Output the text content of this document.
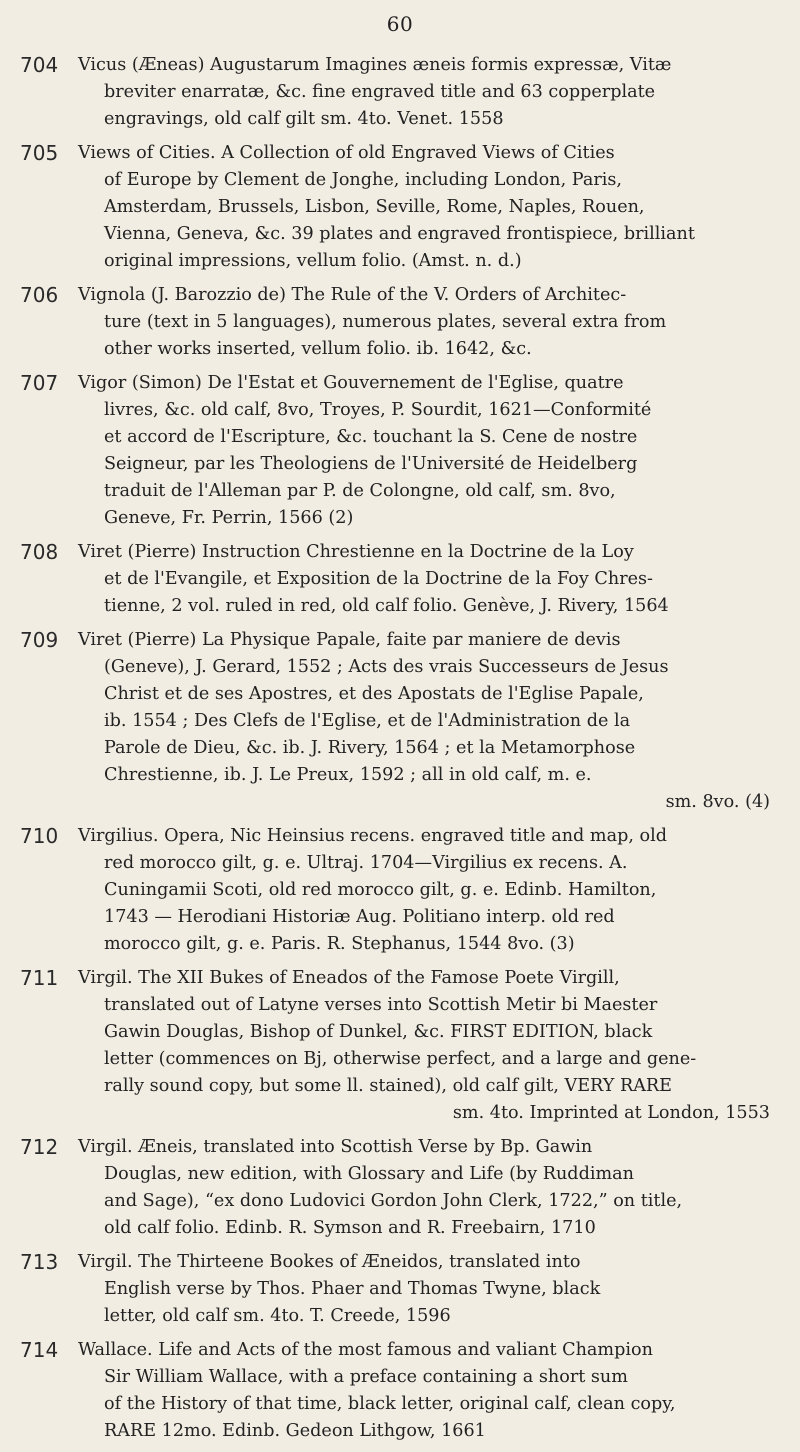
60
704	Vicus (Æneas) Augustarum Imagines æneis formis expressæ, Vitæ
breviter enarratæ, &c. fine engraved title and 63 copperplate
engravings, old calf gilt sm. 4to. Venet. 1558
705	Views of Cities. A Collection of old Engraved Views of Cities
of Europe by Clement de Jonghe, including London, Paris,
Amsterdam, Brussels, Lisbon, Seville, Rome, Naples, Rouen,
Vienna, Geneva, &c. 39 plates and engraved frontispiece, brilliant
original impressions, vellum folio. (Amst. n. d.)
706	Vignola (J. Barozzio de) The Rule of the V. Orders of Architec-
ture (text in 5 languages), numerous plates, several extra from
other works inserted, vellum folio. ib. 1642, &c.
707	Vigor (Simon) De l'Estat et Gouvernement de l'Eglise, quatre
livres, &c. old calf, 8vo, Troyes, P. Sourdit, 1621—Conformité
et accord de l'Escripture, &c. touchant la S. Cene de nostre
Seigneur, par les Theologiens de l'Université de Heidelberg
traduit de l'Alleman par P. de Colongne, old calf, sm. 8vo,
Geneve, Fr. Perrin, 1566 (2)
708	Viret (Pierre) Instruction Chrestienne en la Doctrine de la Loy
et de l'Evangile, et Exposition de la Doctrine de la Foy Chres-
tienne, 2 vol. ruled in red, old calf folio. Genève, J. Rivery, 1564
709	Viret (Pierre) La Physique Papale, faite par maniere de devis
(Geneve), J. Gerard, 1552 ; Acts des vrais Successeurs de Jesus
Christ et de ses Apostres, et des Apostats de l'Eglise Papale,
ib. 1554 ; Des Clefs de l'Eglise, et de l'Administration de la
Parole de Dieu, &c. ib. J. Rivery, 1564 ; et la Metamorphose
Chrestienne, ib. J. Le Preux, 1592 ; all in old calf, m. e.
sm. 8vo. (4)
710	Virgilius. Opera, Nic Heinsius recens. engraved title and map, old
red morocco gilt, g. e. Ultraj. 1704—Virgilius ex recens. A.
Cuningamii Scoti, old red morocco gilt, g. e. Edinb. Hamilton,
1743 — Herodiani Historiæ Aug. Politiano interp. old red
morocco gilt, g. e. Paris. R. Stephanus, 1544 8vo. (3)
711	Virgil. The XII Bukes of Eneados of the Famose Poete Virgill,
translated out of Latyne verses into Scottish Metir bi Maester
Gawin Douglas, Bishop of Dunkel, &c. FIRST EDITION, black
letter (commences on Bj, otherwise perfect, and a large and gene-
rally sound copy, but some ll. stained), old calf gilt, VERY RARE
sm. 4to. Imprinted at London, 1553
712	Virgil. Æneis, translated into Scottish Verse by Bp. Gawin
Douglas, new edition, with Glossary and Life (by Ruddiman
and Sage), “ex dono Ludovici Gordon John Clerk, 1722,” on title,
old calf folio. Edinb. R. Symson and R. Freebairn, 1710
713	Virgil. The Thirteene Bookes of Æneidos, translated into
English verse by Thos. Phaer and Thomas Twyne, black
letter, old calf sm. 4to. T. Creede, 1596
714	Wallace. Life and Acts of the most famous and valiant Champion
Sir William Wallace, with a preface containing a short sum
of the History of that time, black letter, original calf, clean copy,
RARE 12mo. Edinb. Gedeon Lithgow, 1661
